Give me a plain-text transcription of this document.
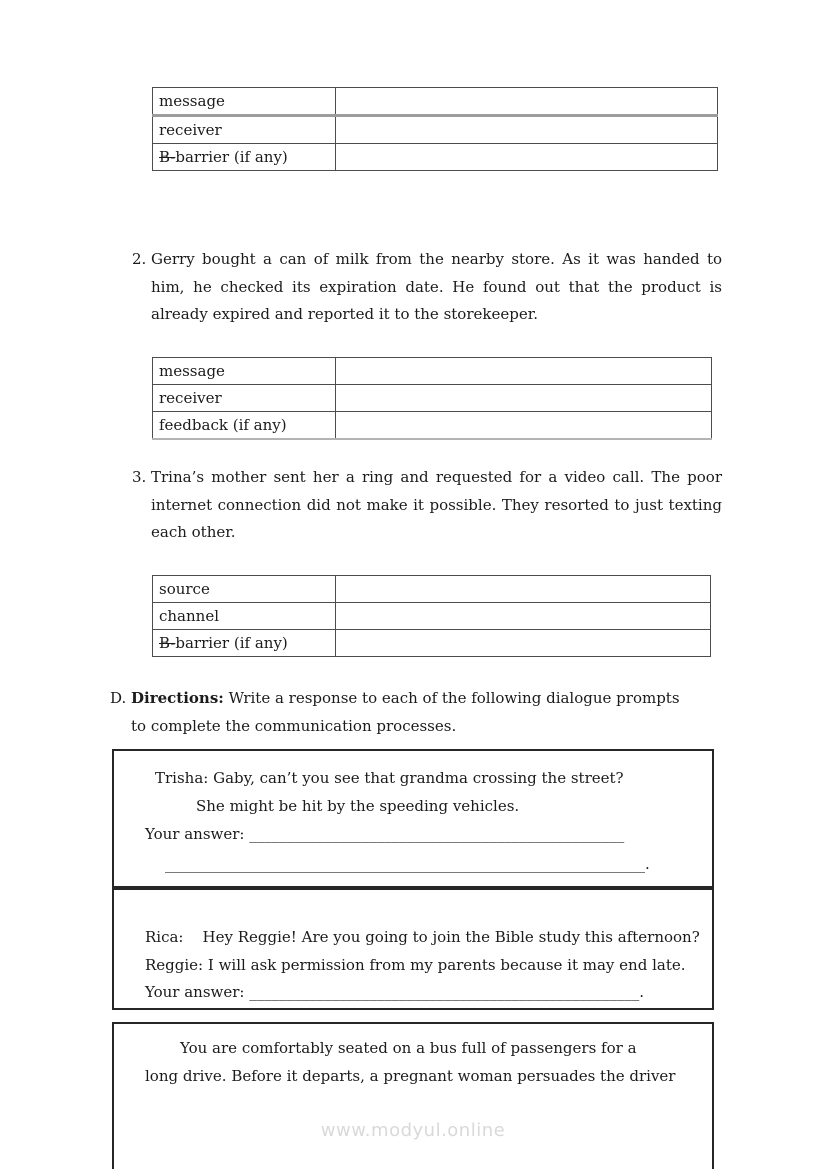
message	
receiver	
B-barrier (if any)	
2. Gerry bought a can of milk from the nearby store. As it was handed to him, he checked its expiration date. He found out that the product is already expired and reported it to the storekeeper.
message	
receiver	
feedback (if any)	
3. Trina’s mother sent her a ring and requested for a video call. The poor internet connection did not make it possible. They resorted to just texting each other.
source	
channel	
B-barrier (if any)	
D. Directions: Write a response to each of the following dialogue prompts to complete the communication processes.
Trisha: Gaby, can’t you see that grandma crossing the street?
She might be hit by the speeding vehicles.
Your answer: __________________________________________________
________________________________________________________________.
Rica:    Hey Reggie! Are you going to join the Bible study this afternoon?
Reggie: I will ask permission from my parents because it may end late.
Your answer: ____________________________________________________.
You are comfortably seated on a bus full of passengers for a
long drive. Before it departs, a pregnant woman persuades the driver
www.modyul.online
